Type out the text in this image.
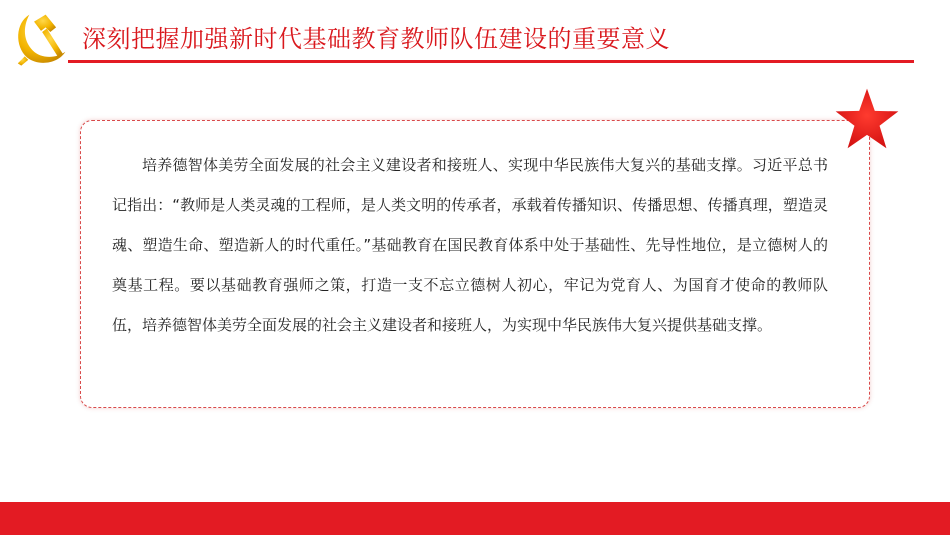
深刻把握加强新时代基础教育教师队伍建设的重要意义

培养德智体美劳全面发展的社会主义建设者和接班人、实现中华民族伟大复兴的基础支撑。习近平总书记指出：“教师是人类灵魂的工程师，是人类文明的传承者，承载着传播知识、传播思想、传播真理，塑造灵魂、塑造生命、塑造新人的时代重任。”基础教育在国民教育体系中处于基础性、先导性地位，是立德树人的奠基工程。要以基础教育强师之策，打造一支不忘立德树人初心，牢记为党育人、为国育才使命的教师队伍，培养德智体美劳全面发展的社会主义建设者和接班人，为实现中华民族伟大复兴提供基础支撑。
